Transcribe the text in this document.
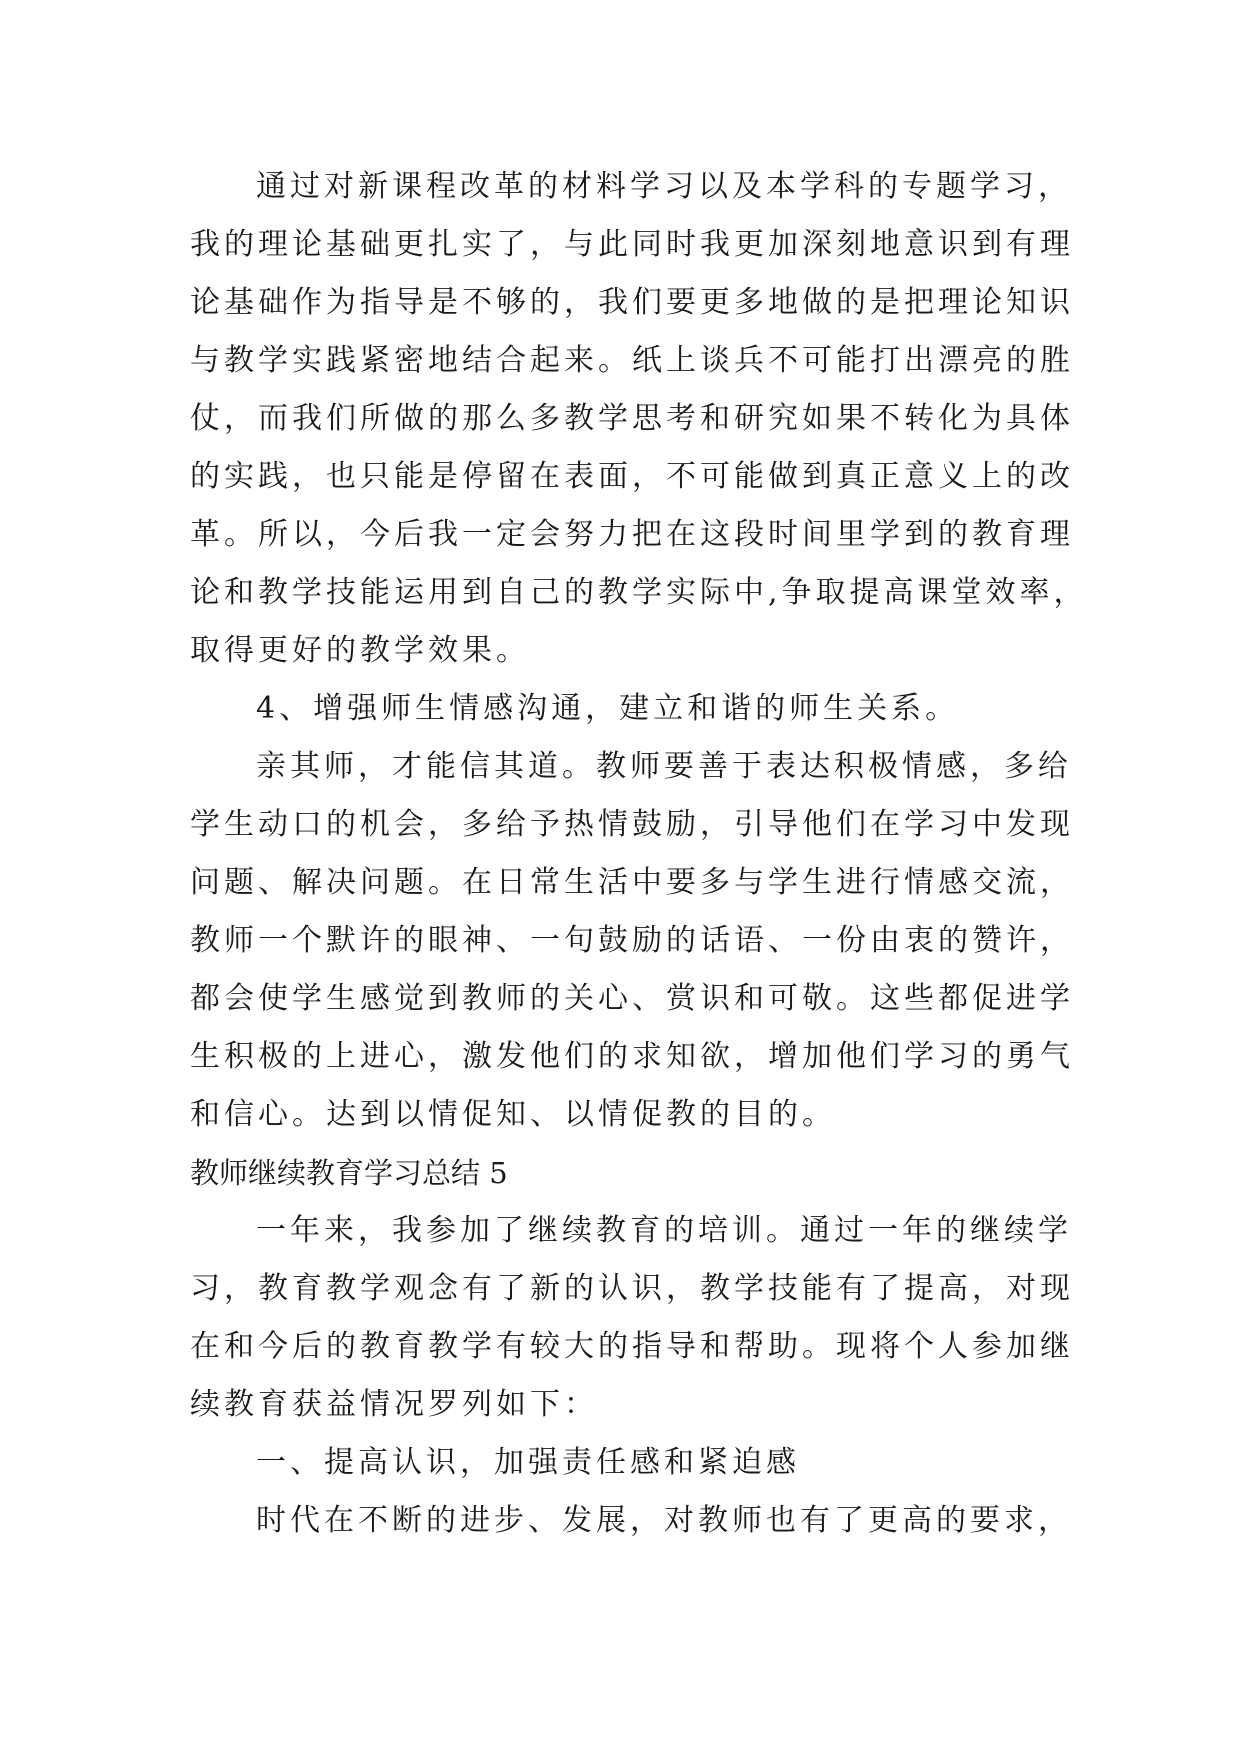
通过对新课程改革的材料学习以及本学科的专题学习，
我的理论基础更扎实了，与此同时我更加深刻地意识到有理
论基础作为指导是不够的，我们要更多地做的是把理论知识
与教学实践紧密地结合起来。纸上谈兵不可能打出漂亮的胜
仗，而我们所做的那么多教学思考和研究如果不转化为具体
的实践，也只能是停留在表面，不可能做到真正意义上的改
革。所以，今后我一定会努力把在这段时间里学到的教育理
论和教学技能运用到自己的教学实际中,争取提高课堂效率，
取得更好的教学效果。
4、增强师生情感沟通，建立和谐的师生关系。
亲其师，才能信其道。教师要善于表达积极情感，多给
学生动口的机会，多给予热情鼓励，引导他们在学习中发现
问题、解决问题。在日常生活中要多与学生进行情感交流，
教师一个默许的眼神、一句鼓励的话语、一份由衷的赞许，
都会使学生感觉到教师的关心、赏识和可敬。这些都促进学
生积极的上进心，激发他们的求知欲，增加他们学习的勇气
和信心。达到以情促知、以情促教的目的。
教师继续教育学习总结 5
一年来，我参加了继续教育的培训。通过一年的继续学
习，教育教学观念有了新的认识，教学技能有了提高，对现
在和今后的教育教学有较大的指导和帮助。现将个人参加继
续教育获益情况罗列如下：
一、提高认识，加强责任感和紧迫感
时代在不断的进步、发展，对教师也有了更高的要求，
